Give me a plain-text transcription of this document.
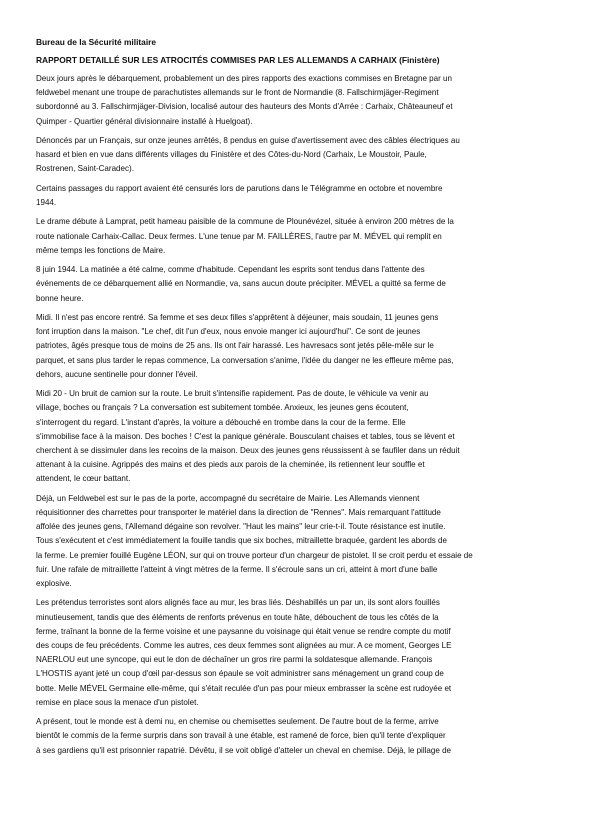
Bureau de la Sécurité militaire
RAPPORT DETAILLÉ SUR LES ATROCITÉS COMMISES PAR LES ALLEMANDS A CARHAIX (Finistère)
Deux jours après le débarquement, probablement un des pires rapports des exactions commises en Bretagne par un
feldwebel menant une troupe de parachutistes allemands sur le front de Normandie (8. Fallschirmjäger-Regiment
subordonné au 3. Fallschirmjäger-Division, localisé autour des hauteurs des Monts d'Arrée : Carhaix, Châteauneuf et
Quimper - Quartier général divisionnaire installé à Huelgoat).
Dénoncés par un Français, sur onze jeunes arrêtés, 8 pendus en guise d'avertissement avec des câbles électriques au
hasard et bien en vue dans différents villages du Finistère et des Côtes-du-Nord (Carhaix, Le Moustoir, Paule,
Rostrenen, Saint-Caradec).
Certains passages du rapport avaient été censurés lors de parutions dans le Télégramme en octobre et novembre
1944.
Le drame débute à Lamprat, petit hameau paisible de la commune de Plounévézel, située à environ 200 mètres de la
route nationale Carhaix-Callac. Deux fermes. L'une tenue par M. FAILLÈRES, l'autre par M. MÉVEL qui remplit en
même temps les fonctions de Maire.
8 juin 1944. La matinée a été calme, comme d'habitude. Cependant les esprits sont tendus dans l'attente des
événements de ce débarquement allié en Normandie, va, sans aucun doute précipiter. MÉVEL a quitté sa ferme de
bonne heure.
Midi. Il n'est pas encore rentré. Sa femme et ses deux filles s'apprêtent à déjeuner, mais soudain, 11 jeunes gens
font irruption dans la maison. "Le chef, dit l'un d'eux, nous envoie manger ici aujourd'hui". Ce sont de jeunes
patriotes, âgés presque tous de moins de 25 ans. Ils ont l'air harassé. Les havresacs sont jetés pêle-mêle sur le
parquet, et sans plus tarder le repas commence, La conversation s'anime, l'idée du danger ne les effleure même pas,
dehors, aucune sentinelle pour donner l'éveil.
Midi 20 - Un bruit de camion sur la route. Le bruit s'intensifie rapidement. Pas de doute, le véhicule va venir au
village, boches ou français ? La conversation est subitement tombée. Anxieux, les jeunes gens écoutent,
s'interrogent du regard. L'instant d'après, la voiture a débouché en trombe dans la cour de la ferme. Elle
s'immobilise face à la maison. Des boches ! C'est la panique générale. Bousculant chaises et tables, tous se lèvent et
cherchent à se dissimuler dans les recoins de la maison. Deux des jeunes gens réussissent à se faufiler dans un réduit
attenant à la cuisine. Agrippés des mains et des pieds aux parois de la cheminée, ils retiennent leur souffle et
attendent, le cœur battant.
Déjà, un Feldwebel est sur le pas de la porte, accompagné du secrétaire de Mairie. Les Allemands viennent
réquisitionner des charrettes pour transporter le matériel dans la direction de "Rennes". Mais remarquant l'attitude
affolée des jeunes gens, l'Allemand dégaine son revolver. "Haut les mains" leur crie-t-il. Toute résistance est inutile.
Tous s'exécutent et c'est immédiatement la fouille tandis que six boches, mitraillette braquée, gardent les abords de
la ferme. Le premier fouillé Eugène LÉON, sur qui on trouve porteur d'un chargeur de pistolet. Il se croit perdu et essaie de
fuir. Une rafale de mitraillette l'atteint à vingt mètres de la ferme. Il s'écroule sans un cri, atteint à mort d'une balle
explosive.
Les prétendus terroristes sont alors alignés face au mur, les bras liés. Déshabillés un par un, ils sont alors fouillés
minutieusement, tandis que des éléments de renforts prévenus en toute hâte, débouchent de tous les côtés de la
ferme, traînant la bonne de la ferme voisine et une paysanne du voisinage qui était venue se rendre compte du motif
des coups de feu précédents. Comme les autres, ces deux femmes sont alignées au mur. A ce moment, Georges LE
NAERLOU eut une syncope, qui eut le don de déchaîner un gros rire parmi la soldatesque allemande. François
L'HOSTIS ayant jeté un coup d'œil par-dessus son épaule se voit administrer sans ménagement un grand coup de
botte. Melle MÉVEL Germaine elle-même, qui s'était reculée d'un pas pour mieux embrasser la scène est rudoyée et
remise en place sous la menace d'un pistolet.
A présent, tout le monde est à demi nu, en chemise ou chemisettes seulement. De l'autre bout de la ferme, arrive
bientôt le commis de la ferme surpris dans son travail à une étable, est ramené de force, bien qu'il tente d'expliquer
à ses gardiens qu'il est prisonnier rapatrié. Dévêtu, il se voit obligé d'atteler un cheval en chemise. Déjà, le pillage de
